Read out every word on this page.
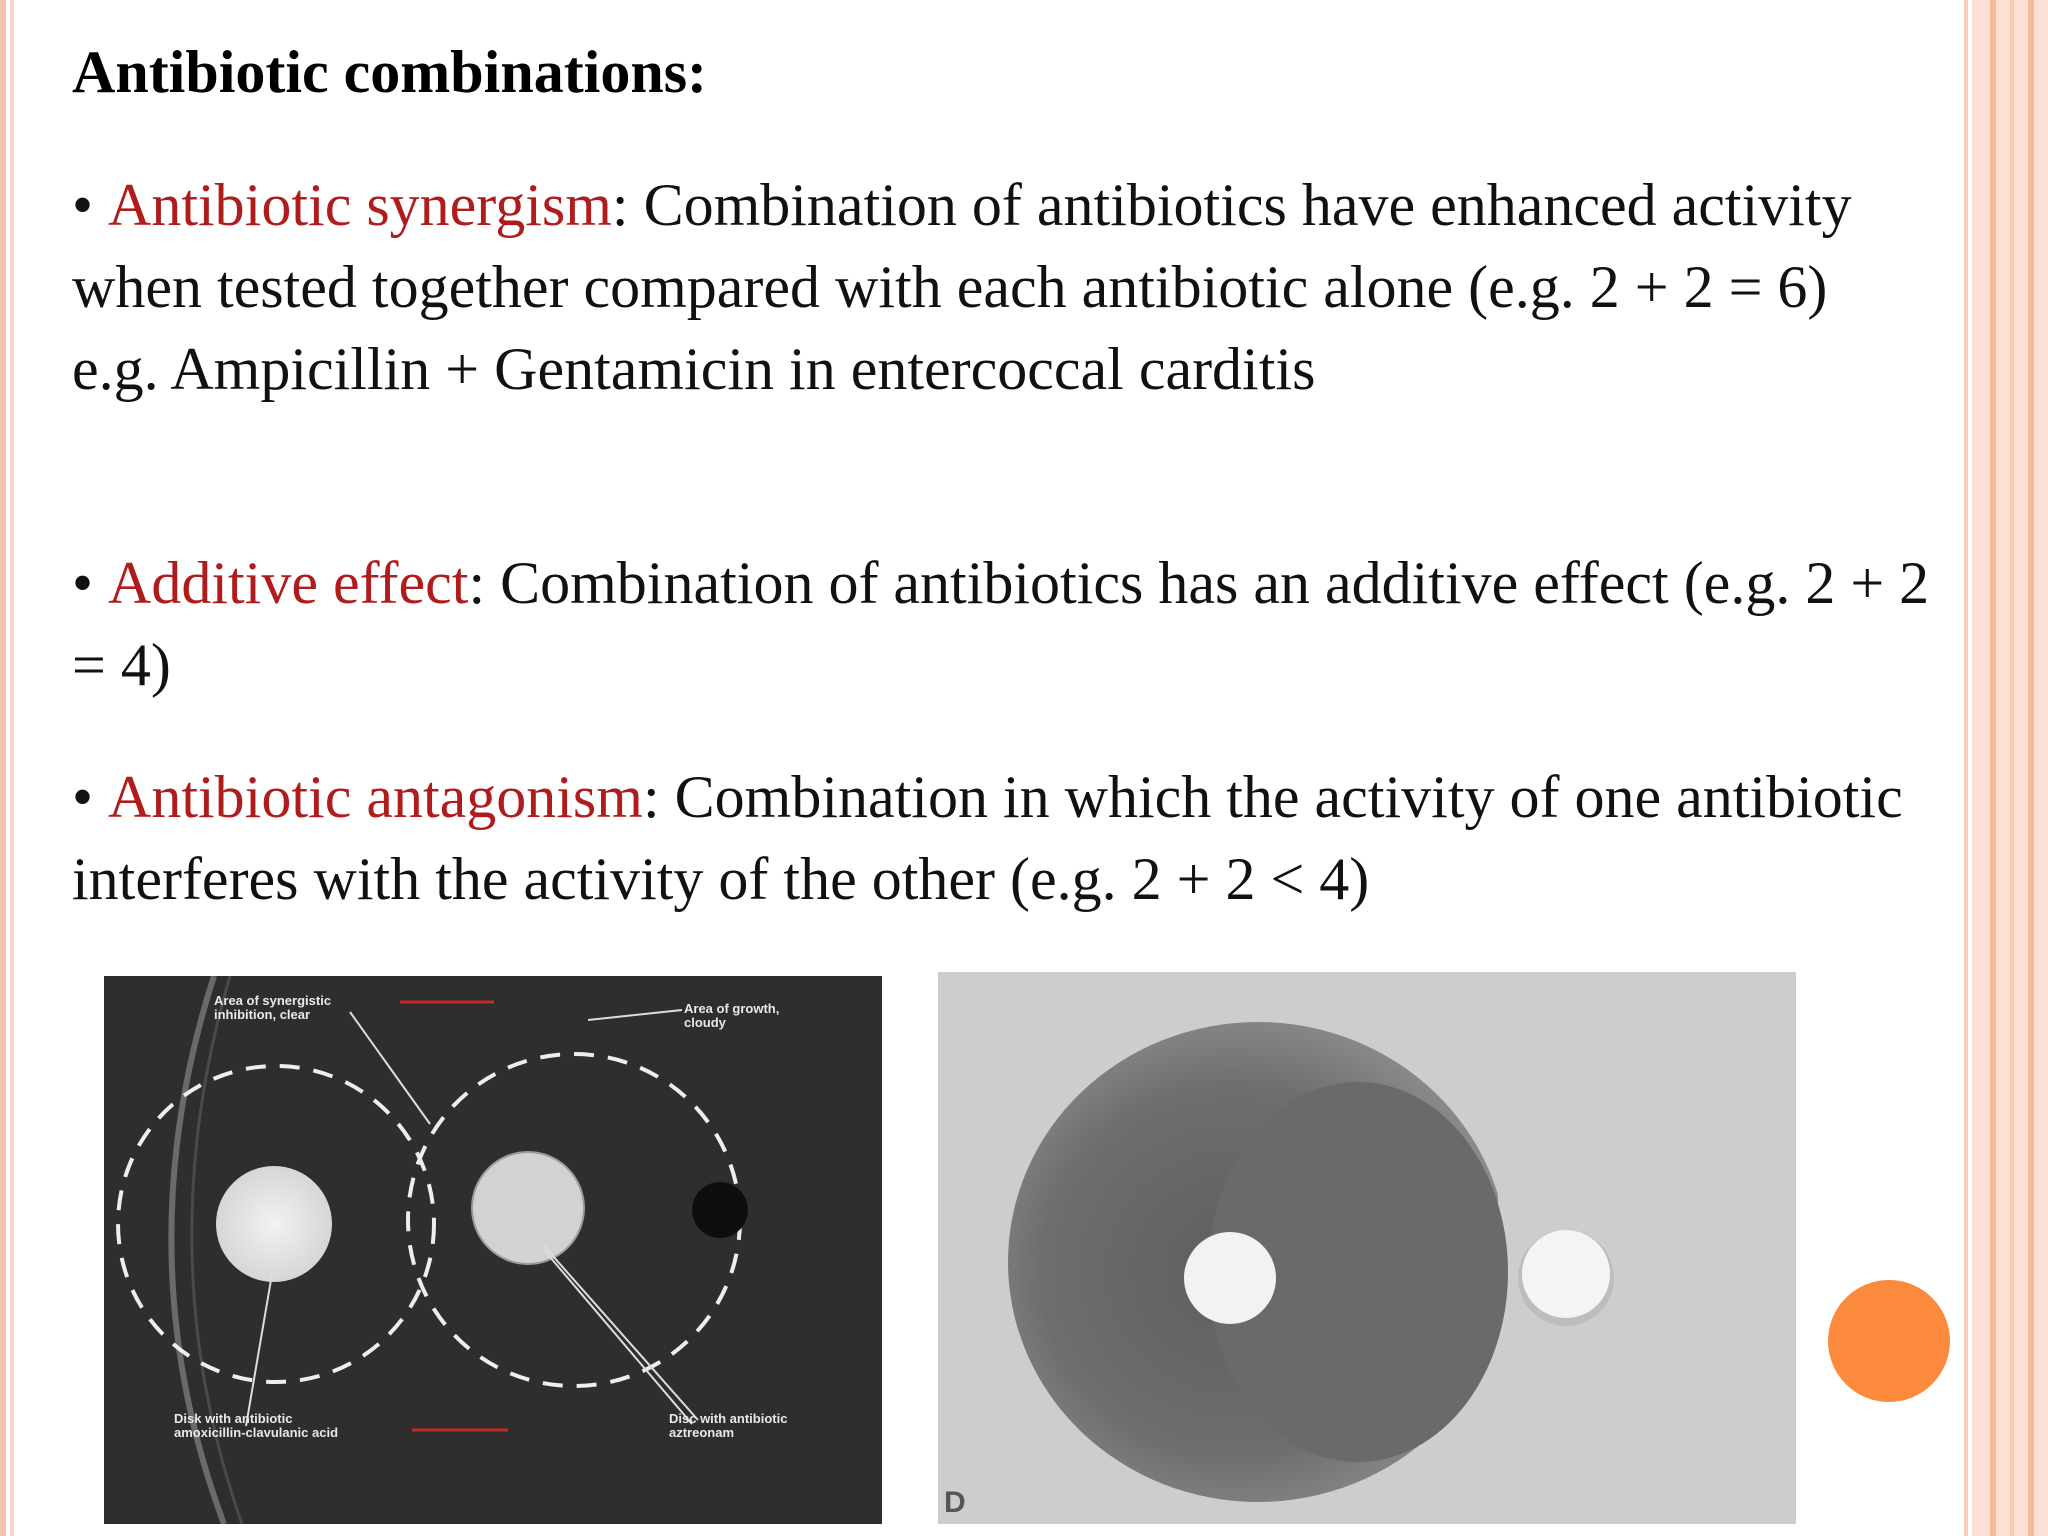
Antibiotic combinations:

• Antibiotic synergism: Combination of antibiotics have enhanced activity when tested together compared with each antibiotic alone (e.g. 2 + 2 = 6)
e.g. Ampicillin + Gentamicin in entercoccal carditis

• Additive effect: Combination of antibiotics has an additive effect (e.g. 2 + 2 = 4)

• Antibiotic antagonism: Combination in which the activity of one antibiotic interferes with the activity of the other (e.g. 2 + 2 < 4)

Area of synergistic
inhibition, clear	Area of growth,
cloudy
Disk with antibiotic
amoxicillin-clavulanic acid
Disc with antibiotic
aztreonam
D
